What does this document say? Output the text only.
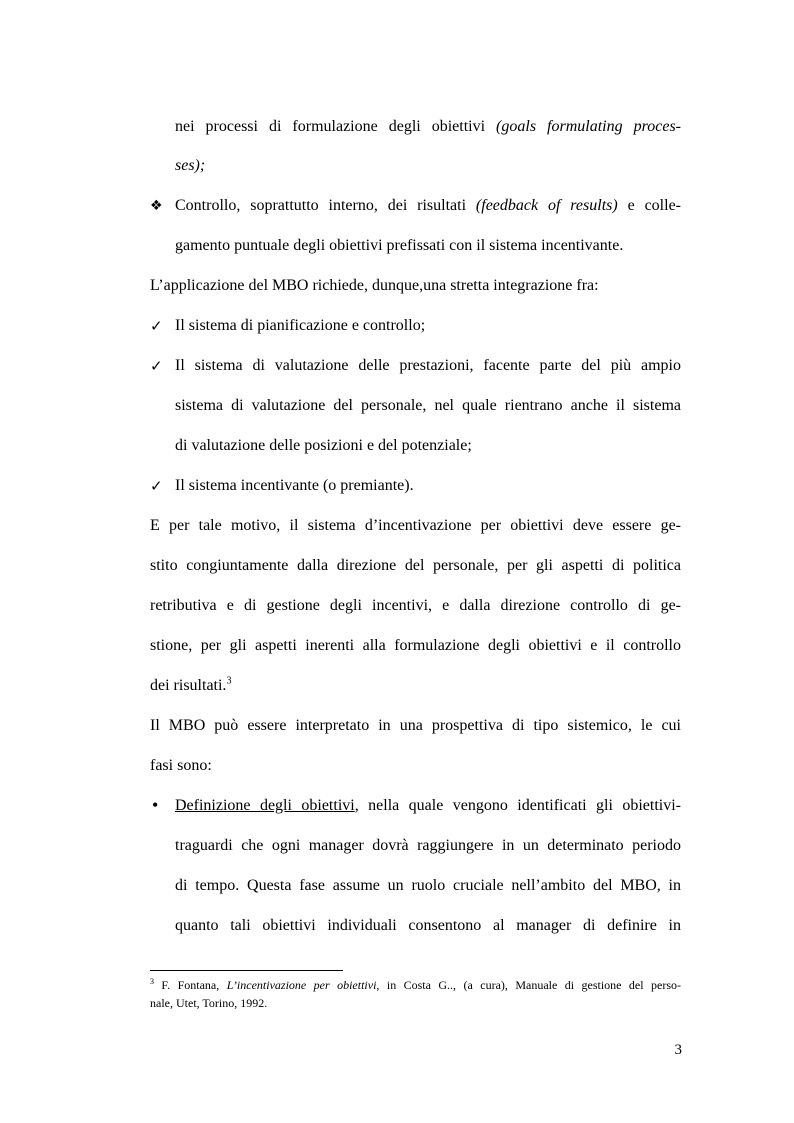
nei processi di formulazione degli obiettivi (goals formulating proces-
ses);
❖ Controllo, soprattutto interno, dei risultati (feedback of results) e colle-
gamento puntuale degli obiettivi prefissati con il sistema incentivante.
L’applicazione del MBO richiede, dunque,una stretta integrazione fra:
✓ Il sistema di pianificazione e controllo;
✓ Il sistema di valutazione delle prestazioni, facente parte del più ampio
sistema di valutazione del personale, nel quale rientrano anche il sistema
di valutazione delle posizioni e del potenziale;
✓ Il sistema incentivante (o premiante).
E per tale motivo, il sistema d’incentivazione per obiettivi deve essere ge-
stito congiuntamente dalla direzione del personale, per gli aspetti di politica
retributiva e di gestione degli incentivi, e dalla direzione controllo di ge-
stione, per gli aspetti inerenti alla formulazione degli obiettivi e il controllo
dei risultati.$^3$
Il MBO può essere interpretato in una prospettiva di tipo sistemico, le cui
fasi sono:
•	Definizione degli obiettivi, nella quale vengono identificati gli obiettivi-
traguardi che ogni manager dovrà raggiungere in un determinato periodo
di tempo. Questa fase assume un ruolo cruciale nell’ambito del MBO, in
quanto tali obiettivi individuali consentono al manager di definire in
$^3$ F. Fontana, L’incentivazione per obiettivi, in Costa G.., (a cura), Manuale di gestione del perso-
nale, Utet, Torino, 1992.
3
